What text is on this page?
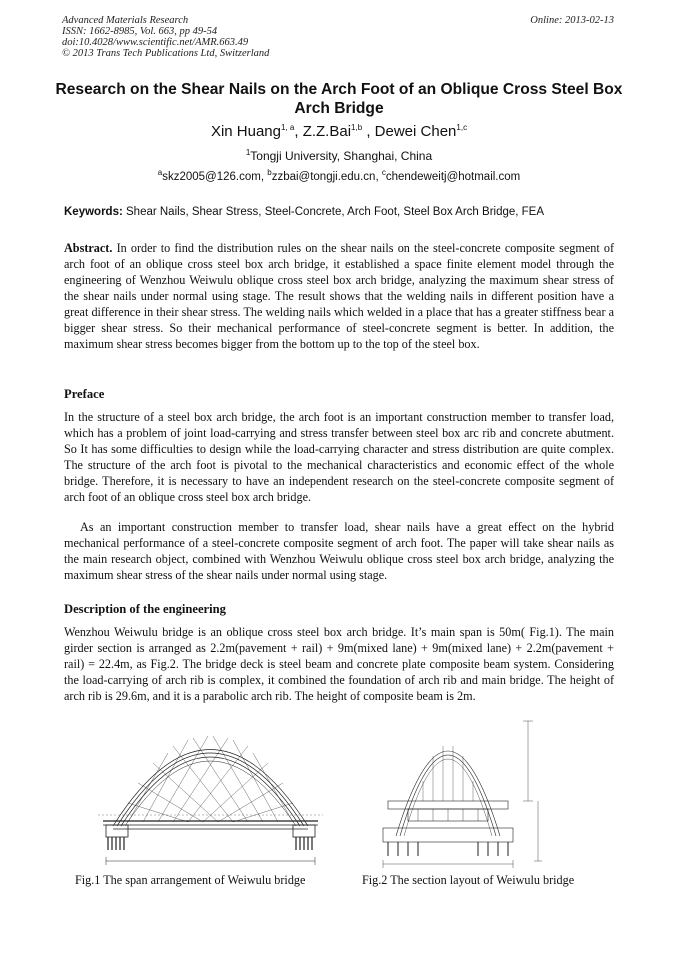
Advanced Materials Research
ISSN: 1662-8985, Vol. 663, pp 49-54
doi:10.4028/www.scientific.net/AMR.663.49
© 2013 Trans Tech Publications Ltd, Switzerland
Online: 2013-02-13
Research on the Shear Nails on the Arch Foot of an Oblique Cross Steel Box Arch Bridge
Xin Huang$^{1, a}$, Z.Z.Bai$^{1,b}$ , Dewei Chen$^{1,c}$
$^1$Tongji University, Shanghai, China
$^a$skz2005@126.com, $^b$zzbai@tongji.edu.cn, $^c$chendeweitj@hotmail.com
Keywords: Shear Nails, Shear Stress, Steel-Concrete, Arch Foot, Steel Box Arch Bridge, FEA
Abstract. In order to find the distribution rules on the shear nails on the steel-concrete composite segment of arch foot of an oblique cross steel box arch bridge, it established a space finite element model through the engineering of Wenzhou Weiwulu oblique cross steel box arch bridge, analyzing the maximum shear stress of the shear nails under normal using stage. The result shows that the welding nails in different position have a great difference in their shear stress. The welding nails which welded in a place that has a greater stiffness bear a bigger shear stress. So their mechanical performance of steel-concrete segment is better. In addition, the maximum shear stress becomes bigger from the bottom up to the top of the steel box.
Preface
In the structure of a steel box arch bridge, the arch foot is an important construction member to transfer load, which has a problem of joint load-carrying and stress transfer between steel box arc rib and concrete abutment. So It has some difficulties to design while the load-carrying character and stress distribution are quite complex. The structure of the arch foot is pivotal to the mechanical characteristics and economic effect of the whole bridge. Therefore, it is necessary to have an independent research on the steel-concrete composite segment of arch foot of an oblique cross steel box arch bridge.
As an important construction member to transfer load, shear nails have a great effect on the hybrid mechanical performance of a steel-concrete composite segment of arch foot. The paper will take shear nails as the main research object, combined with Wenzhou Weiwulu oblique cross steel box arch bridge, analyzing the maximum shear stress of the shear nails under normal using stage.
Description of the engineering
Wenzhou Weiwulu bridge is an oblique cross steel box arch bridge. It’s main span is 50m( Fig.1). The main girder section is arranged as 2.2m(pavement + rail) + 9m(mixed lane) + 9m(mixed lane) + 2.2m(pavement + rail) = 22.4m, as Fig.2. The bridge deck is steel beam and concrete plate composite beam system. Considering the load-carrying of arch rib is complex, it combined the foundation of arch rib and main bridge. The height of arch rib is 29.6m, and it is a parabolic arch rib. The height of composite beam is 2m.
Fig.1 The span arrangement of Weiwulu bridge	Fig.2 The section layout of Weiwulu bridge
